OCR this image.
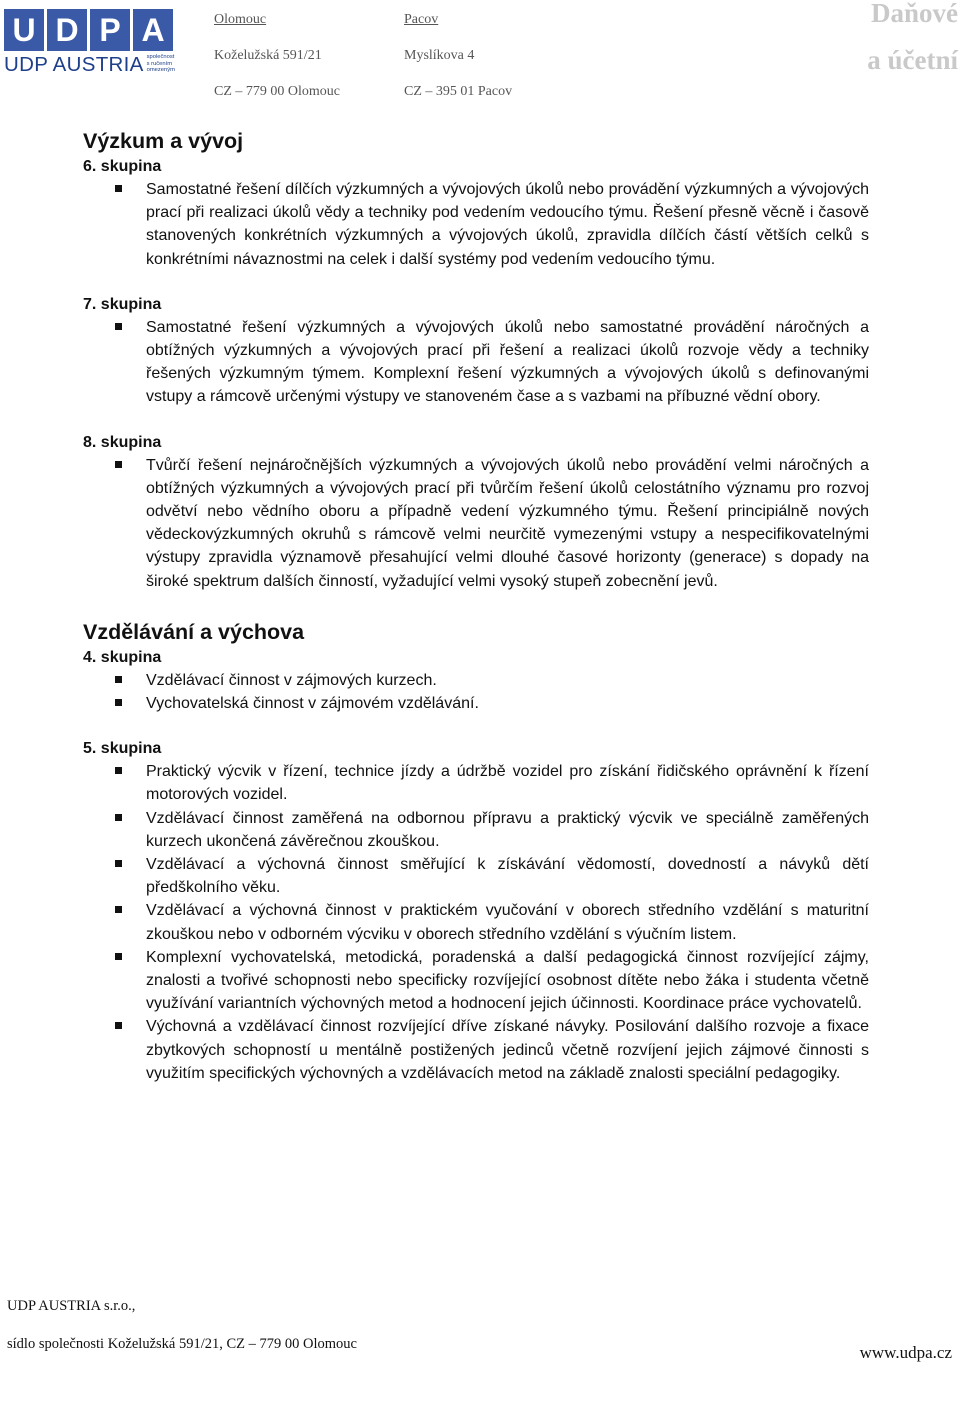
U D P A
UDP AUSTRIA společnost
s ručením
omezeným
Olomouc
Koželužská 591/21
CZ – 779 00 Olomouc
Pacov
Myslíkova 4
CZ – 395 01 Pacov
Daňové
a účetní
Výzkum a vývoj
6. skupina
Samostatné řešení dílčích výzkumných a vývojových úkolů nebo provádění výzkumných a vývojových prací při realizaci úkolů vědy a techniky pod vedením vedoucího týmu. Řešení přesně věcně i časově stanovených konkrétních výzkumných a vývojových úkolů, zpravidla dílčích částí větších celků s konkrétními návaznostmi na celek i další systémy pod vedením vedoucího týmu.
7. skupina
Samostatné řešení výzkumných a vývojových úkolů nebo samostatné provádění náročných a obtížných výzkumných a vývojových prací při řešení a realizaci úkolů rozvoje vědy a techniky řešených výzkumným týmem. Komplexní řešení výzkumných a vývojových úkolů s definovanými vstupy a rámcově určenými výstupy ve stanoveném čase a s vazbami na příbuzné vědní obory.
8. skupina
Tvůrčí řešení nejnáročnějších výzkumných a vývojových úkolů nebo provádění velmi náročných a obtížných výzkumných a vývojových prací při tvůrčím řešení úkolů celostátního významu pro rozvoj odvětví nebo vědního oboru a případně vedení výzkumného týmu. Řešení principiálně nových vědeckovýzkumných okruhů s rámcově velmi neurčitě vymezenými vstupy a nespecifikovatelnými výstupy zpravidla významově přesahující velmi dlouhé časové horizonty (generace) s dopady na široké spektrum dalších činností, vyžadující velmi vysoký stupeň zobecnění jevů.
Vzdělávání a výchova
4. skupina
Vzdělávací činnost v zájmových kurzech.
Vychovatelská činnost v zájmovém vzdělávání.
5. skupina
Praktický výcvik v řízení, technice jízdy a údržbě vozidel pro získání řidičského oprávnění k řízení motorových vozidel.
Vzdělávací činnost zaměřená na odbornou přípravu a praktický výcvik ve speciálně zaměřených kurzech ukončená závěrečnou zkouškou.
Vzdělávací a výchovná činnost směřující k získávání vědomostí, dovedností a návyků dětí předškolního věku.
Vzdělávací a výchovná činnost v praktickém vyučování v oborech středního vzdělání s maturitní zkouškou nebo v odborném výcviku v oborech středního vzdělání s výučním listem.
Komplexní vychovatelská, metodická, poradenská a další pedagogická činnost rozvíjející zájmy, znalosti a tvořivé schopnosti nebo specificky rozvíjející osobnost dítěte nebo žáka i studenta včetně využívání variantních výchovných metod a hodnocení jejich účinnosti. Koordinace práce vychovatelů.
Výchovná a vzdělávací činnost rozvíjející dříve získané návyky. Posilování dalšího rozvoje a fixace zbytkových schopností u mentálně postižených jedinců včetně rozvíjení jejich zájmové činnosti s využitím specifických výchovných a vzdělávacích metod na základě znalosti speciální pedagogiky.
UDP AUSTRIA s.r.o.,
sídlo společnosti Koželužská 591/21, CZ – 779 00 Olomouc	www.udpa.cz
